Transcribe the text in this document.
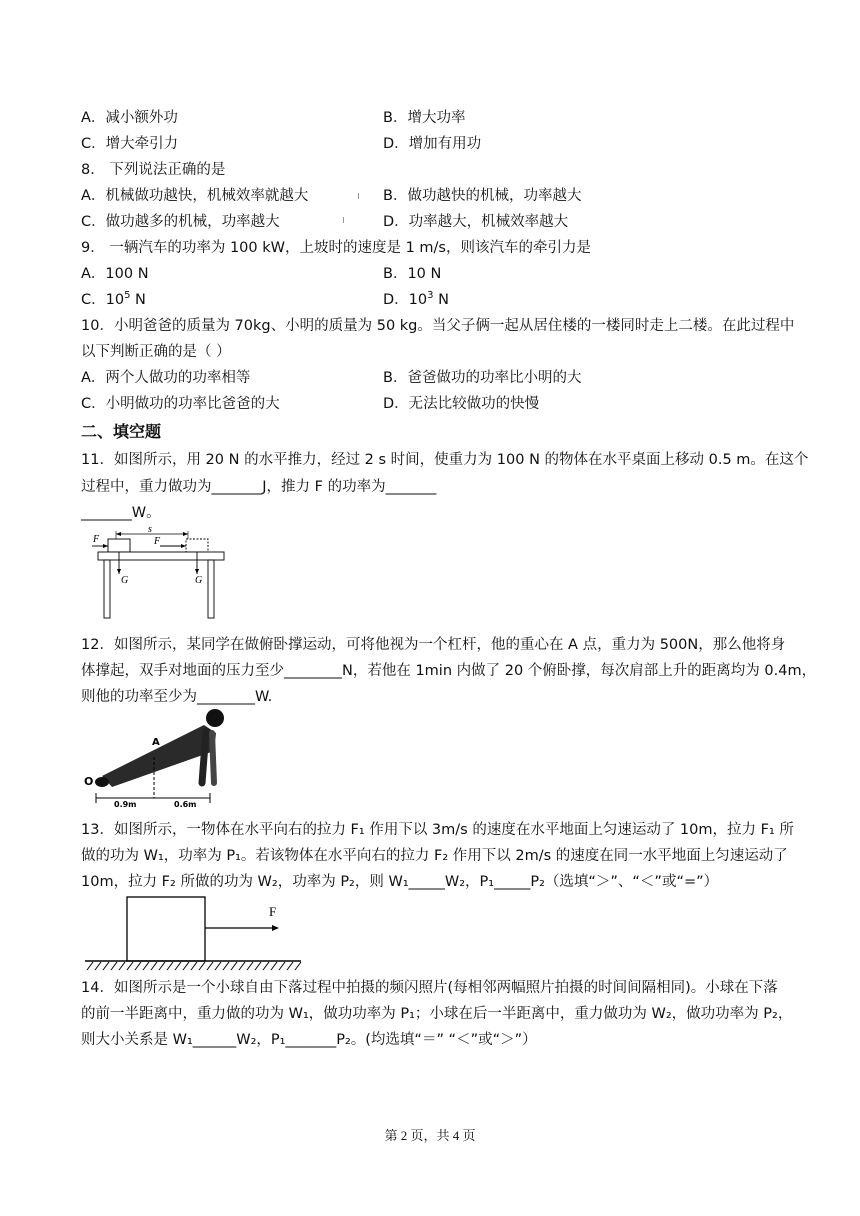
A．减小额外功	B．增大功率
C．增大牵引力	D．增加有用功
8． 下列说法正确的是
A．机械做功越快，机械效率就越大	B．做功越快的机械，功率越大
C．做功越多的机械，功率越大	D．功率越大，机械效率越大
9． 一辆汽车的功率为 100 kW，上坡时的速度是 1 m/s，则该汽车的牵引力是
A．100 N	B．10 N
C．$10^5$ N	D．$10^3$ N
10．小明爸爸的质量为 70kg、小明的质量为 50 kg。当父子俩一起从居住楼的一楼同时走上二楼。在此过程中
以下判断正确的是（ ）
A．两个人做功的功率相等	B．爸爸做功的功率比小明的大
C．小明做功的功率比爸爸的大	D．无法比较做功的快慢
二、填空题
11．如图所示，用 20 N 的水平推力，经过 2 s 时间，使重力为 100 N 的物体在水平桌面上移动 0.5 m。在这个
过程中，重力做功为_______J，推力 F 的功率为_______
_______W。
s
F	F
G	G
12．如图所示，某同学在做俯卧撑运动，可将他视为一个杠杆，他的重心在 A 点，重力为 500N，那么他将身
体撑起，双手对地面的压力至少________N，若他在 1min 内做了 20 个俯卧撑，每次肩部上升的距离均为 0.4m，
则他的功率至少为________W.
A
O
0.9m	0.6m
13．如图所示，一物体在水平向右的拉力 F₁ 作用下以 3m/s 的速度在水平地面上匀速运动了 10m，拉力 F₁ 所
做的功为 W₁，功率为 P₁。若该物体在水平向右的拉力 F₂ 作用下以 2m/s 的速度在同一水平地面上匀速运动了
10m，拉力 F₂ 所做的功为 W₂，功率为 P₂，则 W₁_____W₂，P₁_____P₂（选填“＞”、“＜”或“=”）
F
14．如图所示是一个小球自由下落过程中拍摄的频闪照片(每相邻两幅照片拍摄的时间间隔相同)。小球在下落
的前一半距离中，重力做的功为 W₁，做功功率为 P₁；小球在后一半距离中，重力做功为 W₂，做功功率为 P₂，
则大小关系是 W₁______W₂，P₁_______P₂。(均选填“＝” “＜”或“＞”）
第 2 页，共 4 页
